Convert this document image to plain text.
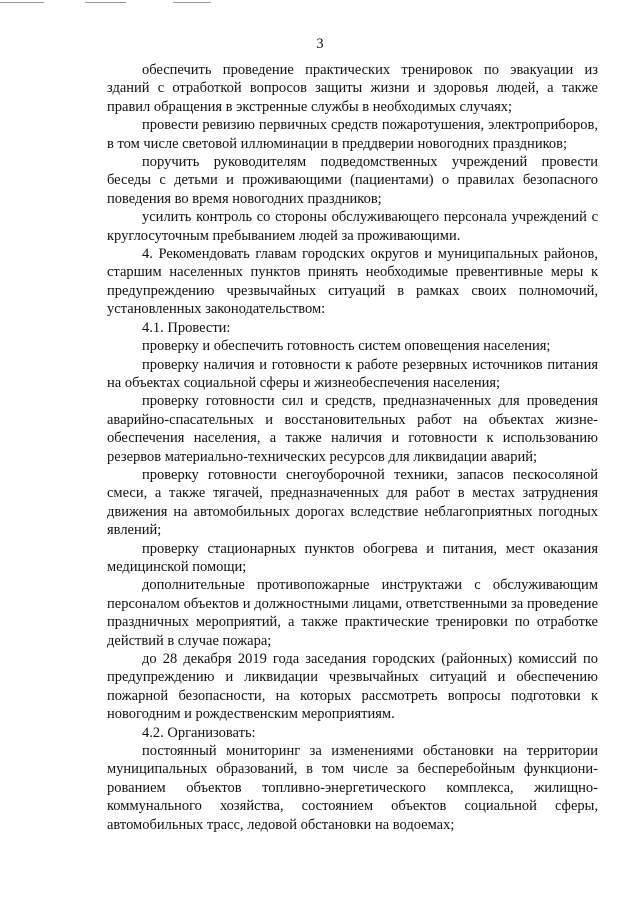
3

обеспечить проведение практических тренировок по эвакуации из зданий с отработкой вопросов защиты жизни и здоровья людей, а также правил обращения в экстренные службы в необходимых случаях;

провести ревизию первичных средств пожаротушения, электроприборов, в том числе световой иллюминации в преддверии новогодних праздников;

поручить руководителям подведомственных учреждений провести беседы с детьми и проживающими (пациентами) о правилах безопасного поведения во время новогодних праздников;

усилить контроль со стороны обслуживающего персонала учреждений с круглосуточным пребыванием людей за проживающими.

4. Рекомендовать главам городских округов и муниципальных районов, старшим населенных пунктов принять необходимые превентивные меры к предупреждению чрезвычайных ситуаций в рамках своих полномочий, установленных законодательством:

4.1. Провести:

проверку и обеспечить готовность систем оповещения населения;

проверку наличия и готовности к работе резервных источников питания на объектах социальной сферы и жизнеобеспечения населения;

проверку готовности сил и средств, предназначенных для проведения аварийно-спасательных и восстановительных работ на объектах жизнеобеспечения населения, а также наличия и готовности к использованию резервов материально-технических ресурсов для ликвидации аварий;

проверку готовности снегоуборочной техники, запасов пескосоляной смеси, а также тягачей, предназначенных для работ в местах затруднения движения на автомобильных дорогах вследствие неблагоприятных погодных явлений;

проверку стационарных пунктов обогрева и питания, мест оказания медицинской помощи;

дополнительные противопожарные инструктажи с обслуживающим персоналом объектов и должностными лицами, ответственными за проведение праздничных мероприятий, а также практические тренировки по отработке действий в случае пожара;

до 28 декабря 2019 года заседания городских (районных) комиссий по предупреждению и ликвидации чрезвычайных ситуаций и обеспечению пожарной безопасности, на которых рассмотреть вопросы подготовки к новогодним и рождественским мероприятиям.

4.2. Организовать:

постоянный мониторинг за изменениями обстановки на территории муниципальных образований, в том числе за бесперебойным функционированием объектов топливно-энергетического комплекса, жилищнокоммунального хозяйства, состоянием объектов социальной сферы, автомобильных трасс, ледовой обстановки на водоемах;
